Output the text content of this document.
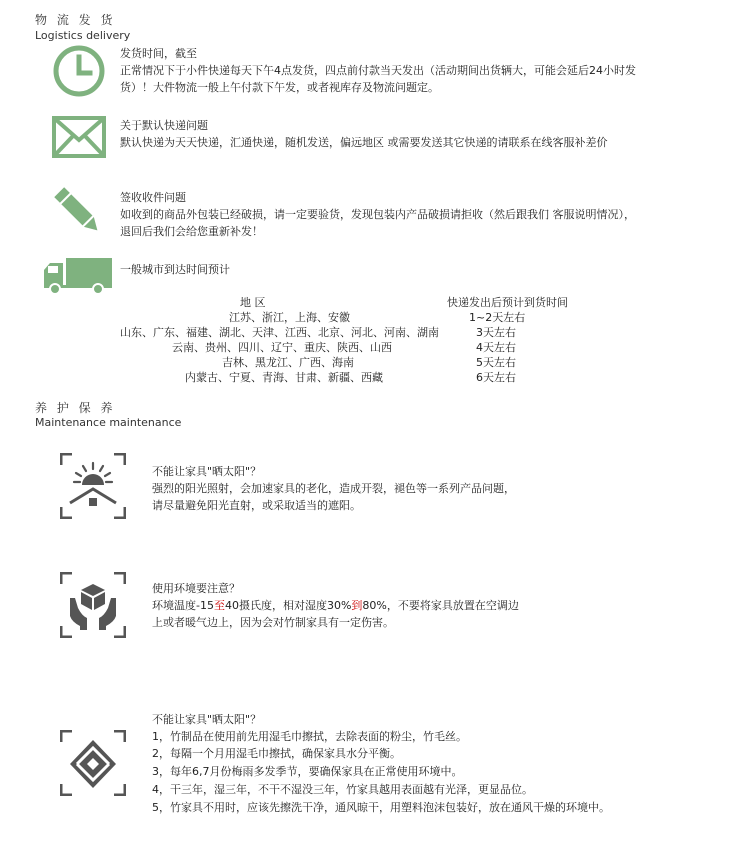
物 流 发 货
Logistics delivery
发货时间，截至
正常情况下于小件快递每天下午4点发货，四点前付款当天发出（活动期间出货辆大，可能会延后24小时发货）！大件物流一般上午付款下午发，或者视库存及物流问题定。
关于默认快递问题
默认快递为天天快递，汇通快递，随机发送，偏远地区 或需要发送其它快递的请联系在线客服补差价
签收收件问题
如收到的商品外包装已经破损，请一定要验货，发现包装内产品破损请拒收（然后跟我们 客服说明情况），退回后我们会给您重新补发！
一般城市到达时间预计
地 区	快递发出后预计到货时间
江苏、浙江，上海、安徽	1~2天左右
山东、广东、福建、湖北、天津、江西、北京、河北、河南、湖南	3天左右
云南、贵州、四川、辽宁、重庆、陕西、山西	4天左右
吉林、黑龙江、广西、海南	5天左右
内蒙古、宁夏、青海、甘肃、新疆、西藏	6天左右
养 护 保 养
Maintenance maintenance
不能让家具"晒太阳"？
强烈的阳光照射，会加速家具的老化，造成开裂，褪色等一系列产品问题，
请尽量避免阳光直射，或采取适当的遮阳。
使用环境要注意？
环境温度-15至40摄氏度，相对湿度30%到80%，不要将家具放置在空调边
上或者暖气边上，因为会对竹制家具有一定伤害。
不能让家具"晒太阳"？
1，竹制品在使用前先用湿毛巾擦拭，去除表面的粉尘，竹毛丝。
2，每隔一个月用湿毛巾擦拭，确保家具水分平衡。
3，每年6,7月份梅雨多发季节，要确保家具在正常使用环境中。
4，干三年，湿三年，不干不湿没三年，竹家具越用表面越有光泽，更显品位。
5，竹家具不用时，应该先擦洗干净，通风晾干，用塑料泡沫包装好，放在通风干燥的环境中。
